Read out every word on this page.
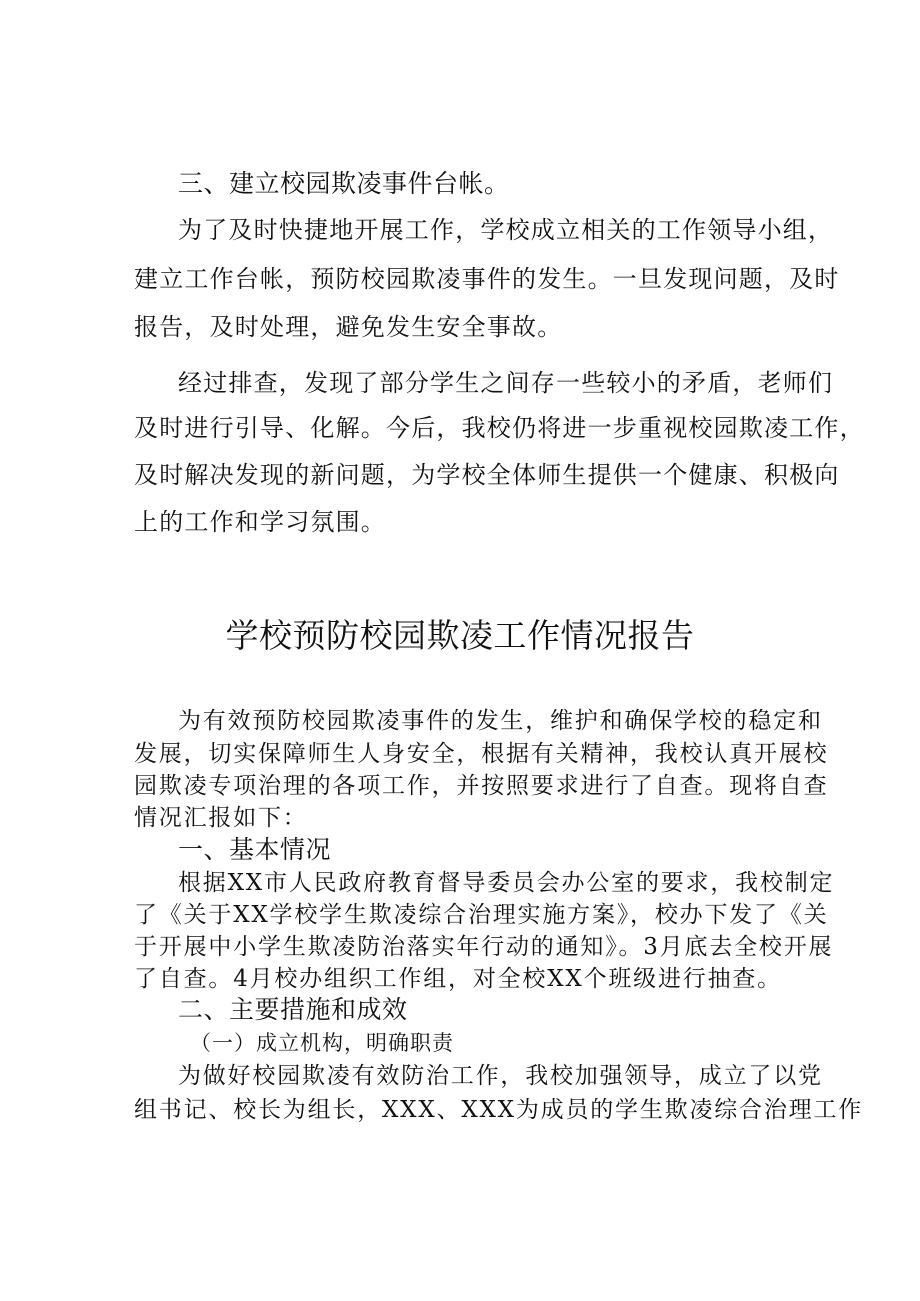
三、建立校园欺凌事件台帐。
为了及时快捷地开展工作，学校成立相关的工作领导小组，
建立工作台帐，预防校园欺凌事件的发生。一旦发现问题，及时
报告，及时处理，避免发生安全事故。
经过排查，发现了部分学生之间存一些较小的矛盾，老师们
及时进行引导、化解。今后，我校仍将进一步重视校园欺凌工作，
及时解决发现的新问题，为学校全体师生提供一个健康、积极向
上的工作和学习氛围。
学校预防校园欺凌工作情况报告
为有效预防校园欺凌事件的发生，维护和确保学校的稳定和
发展，切实保障师生人身安全，根据有关精神，我校认真开展校
园欺凌专项治理的各项工作，并按照要求进行了自查。现将自查
情况汇报如下：
一、基本情况
根据XX市人民政府教育督导委员会办公室的要求，我校制定
了《关于XX学校学生欺凌综合治理实施方案》，校办下发了《关
于开展中小学生欺凌防治落实年行动的通知》。3月底去全校开展
了自查。4月校办组织工作组，对全校XX个班级进行抽查。
二、主要措施和成效
（一）成立机构，明确职责
为做好校园欺凌有效防治工作，我校加强领导，成立了以党
组书记、校长为组长，XXX、XXX为成员的学生欺凌综合治理工作
